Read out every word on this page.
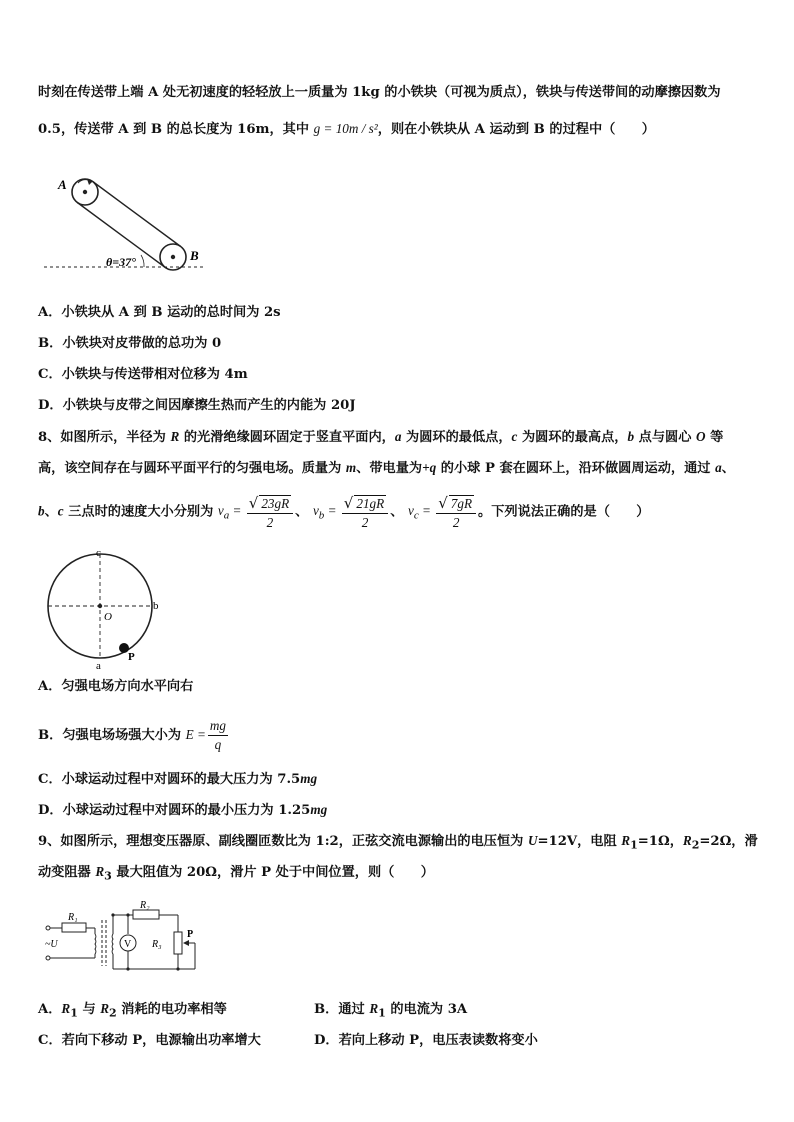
时刻在传送带上端 A 处无初速度的轻轻放上一质量为 1kg 的小铁块（可视为质点），铁块与传送带间的动摩擦因数为
0.5，传送带 A 到 B 的总长度为 16m，其中 g = 10m / s²，则在小铁块从 A 运动到 B 的过程中（　　）
A
B
θ=37°
A．小铁块从 A 到 B 运动的总时间为 2s
B．小铁块对皮带做的总功为 0
C．小铁块与传送带相对位移为 4m
D．小铁块与皮带之间因摩擦生热而产生的内能为 20J
8、如图所示，半径为 R 的光滑绝缘圆环固定于竖直平面内，a 为圆环的最低点，c 为圆环的最高点，b 点与圆心 O 等
高，该空间存在与圆环平面平行的匀强电场。质量为 m、带电量为+q 的小球 P 套在圆环上，沿环做圆周运动，通过 a、
b、c 三点时的速度大小分别为 $v_a = \frac{√ 23gR}{2}$ 、 $v_b = \frac{√ 21gR}{2}$ 、 $v_c = \frac{√ 7gR}{2}$ 。下列说法正确的是（　　）
c
b
O
a
P
A．匀强电场方向水平向右
B．匀强电场场强大小为 $E = \frac{mg}{q}$
C．小球运动过程中对圆环的最大压力为 7.5mg
D．小球运动过程中对圆环的最小压力为 1.25mg
9、如图所示，理想变压器原、副线圈匝数比为 1:2，正弦交流电源输出的电压恒为 U=12V，电阻 $R_1=1\Omega$，$R_2=2\Omega$，滑
动变阻器 $R_3$ 最大阻值为 20Ω，滑片 P 处于中间位置，则（　　）
R₁
R₂
R₃
~U	V
P
A．$R_1$ 与 $R_2$ 消耗的电功率相等	B．通过 $R_1$ 的电流为 3A
C．若向下移动 P，电源输出功率增大	D．若向上移动 P，电压表读数将变小
